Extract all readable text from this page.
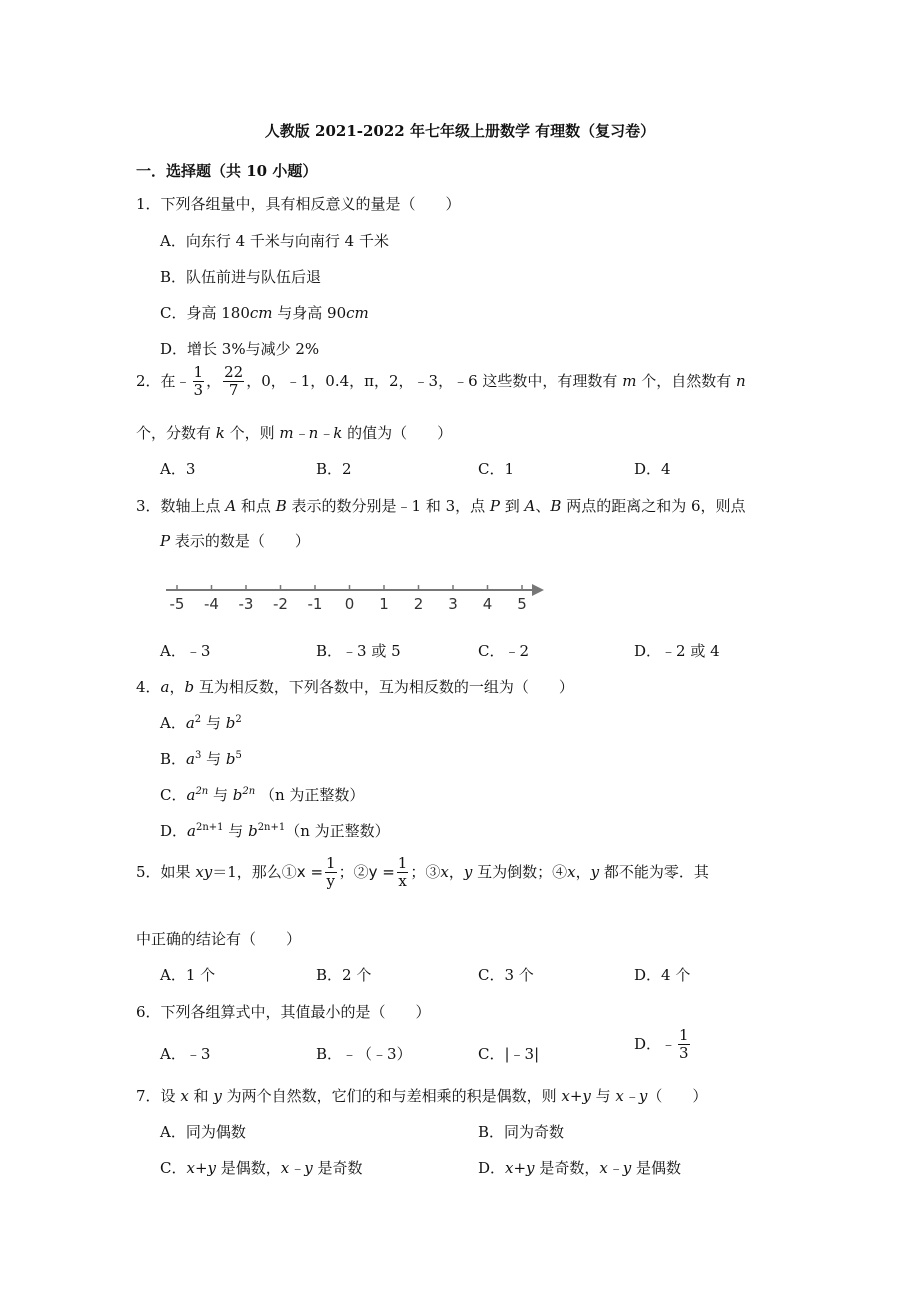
人教版 2021-2022 年七年级上册数学 有理数（复习卷）
一．选择题（共 10 小题）
1．下列各组量中，具有相反意义的量是（　　）
A．向东行 4 千米与向南行 4 千米
B．队伍前进与队伍后退
C．身高 180cm 与身高 90cm
D．增长 3%与减少 2%
2．在﹣ $\frac{1}{3}$ ， $\frac{22}{7}$ ，0，﹣1，0.4，π，2，﹣3，﹣6 这些数中，有理数有 m 个，自然数有 n
个，分数有 k 个，则 m﹣n﹣k 的值为（　　）
A．3	B．2	C．1	D．4
3．数轴上点 A 和点 B 表示的数分别是﹣1 和 3，点 P 到 A、B 两点的距离之和为 6，则点
P 表示的数是（　　）
-5 -4 -3 -2 -1 0 1 2 3 4 5
A．﹣3	B．﹣3 或 5	C．﹣2	D．﹣2 或 4
4．a，b 互为相反数，下列各数中，互为相反数的一组为（　　）
A．$a^2$ 与 $b^2$
B．$a^3$ 与 $b^5$
C．$a^{2n}$ 与 $b^{2n}$ （n 为正整数）
D．$a^{2n+1}$ 与 $b^{2n+1}(n$ 为正整数）
5．如果 xy＝1，那么①x = $\frac{1}{y}$ ；②y = $\frac{1}{x}$ ；③x，y 互为倒数；④x，y 都不能为零．其
中正确的结论有（　　）
A．1 个	B．2 个	C．3 个	D．4 个
6．下列各组算式中，其值最小的是（　　）
A．﹣3	B．﹣（﹣3）	C．|﹣3|
D．﹣ $\frac{1}{3}$
7．设 x 和 y 为两个自然数，它们的和与差相乘的积是偶数，则 x+y 与 x﹣y（　　）
A．同为偶数	B．同为奇数
C．x+y 是偶数，x﹣y 是奇数	D．x+y 是奇数，x﹣y 是偶数
